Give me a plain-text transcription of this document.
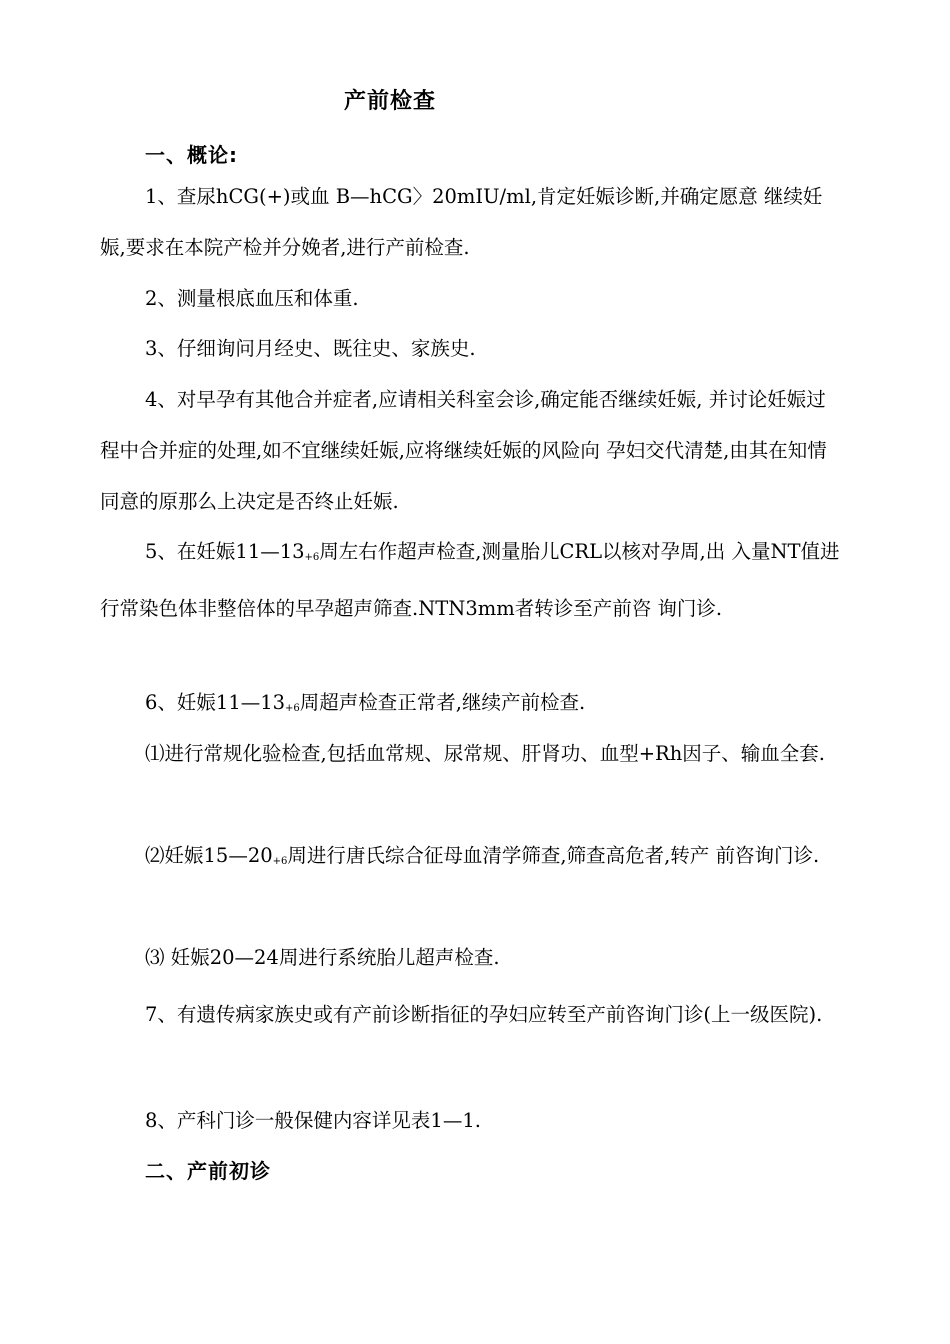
产前检查
一、概论:

1、查尿hCG(+)或血 B—hCG〉20mIU/ml,肯定妊娠诊断,并确定愿意 继续妊娠,要求在本院产检并分娩者,进行产前检查.

2、测量根底血压和体重.

3、仔细询问月经史、既往史、家族史.

4、对早孕有其他合并症者,应请相关科室会诊,确定能否继续妊娠, 并讨论妊娠过程中合并症的处理,如不宜继续妊娠,应将继续妊娠的风险向 孕妇交代清楚,由其在知情同意的原那么上决定是否终止妊娠.

5、在妊娠$11—13_{+6}$周左右作超声检查,测量胎儿CRL以核对孕周,出 入量NT值进行常染色体非整倍体的早孕超声筛查.NTN3mm者转诊至产前咨 询门诊.

6、妊娠$11—13_{+6}$周超声检查正常者,继续产前检查.

⑴进行常规化验检查,包括血常规、尿常规、肝肾功、血型+Rh因子、输血全套.

⑵妊娠$15—20_{+6}$周进行唐氏综合征母血清学筛查,筛查高危者,转产 前咨询门诊.

⑶ 妊娠20—24周进行系统胎儿超声检查.

7、有遗传病家族史或有产前诊断指征的孕妇应转至产前咨询门诊(上一级医院).

8、产科门诊一般保健内容详见表1—1.

二、产前初诊
